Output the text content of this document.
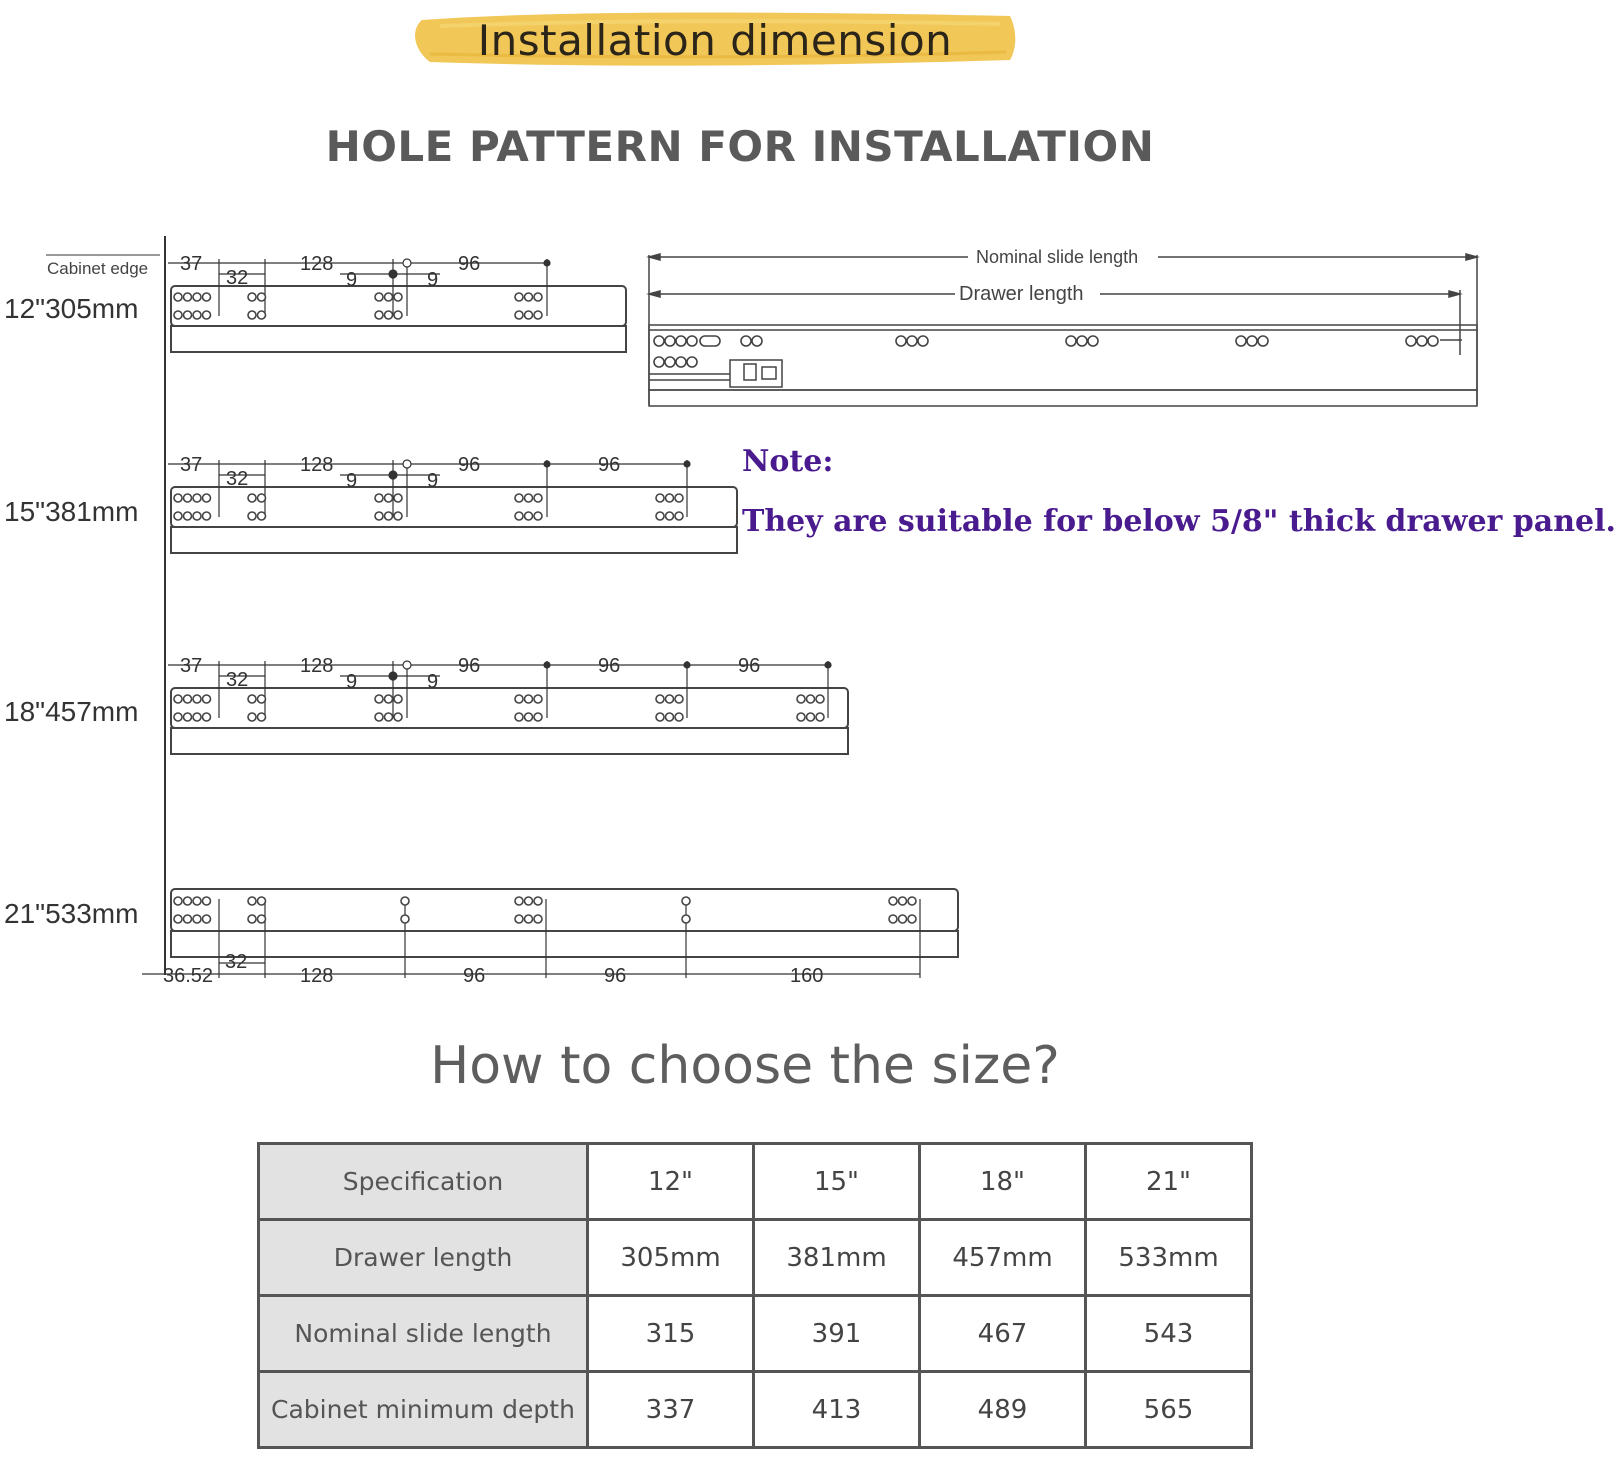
Installation dimension
HOLE PATTERN FOR INSTALLATION
Cabinet edge
12"305mm
15"381mm
18"457mm
21"533mm
37
32
128
9	9
96
37
32
128
9	9
96	96
37
32
128
9	9
96	96	96
36.52
32
128	96	96	160
Nominal slide length
Drawer length
Note:
They are suitable for below 5/8" thick drawer panel.
How to choose the size?
Specification	12"	15"	18"	21"
Drawer length	305mm	381mm	457mm	533mm
Nominal slide length	315	391	467	543
Cabinet minimum depth	337	413	489	565
